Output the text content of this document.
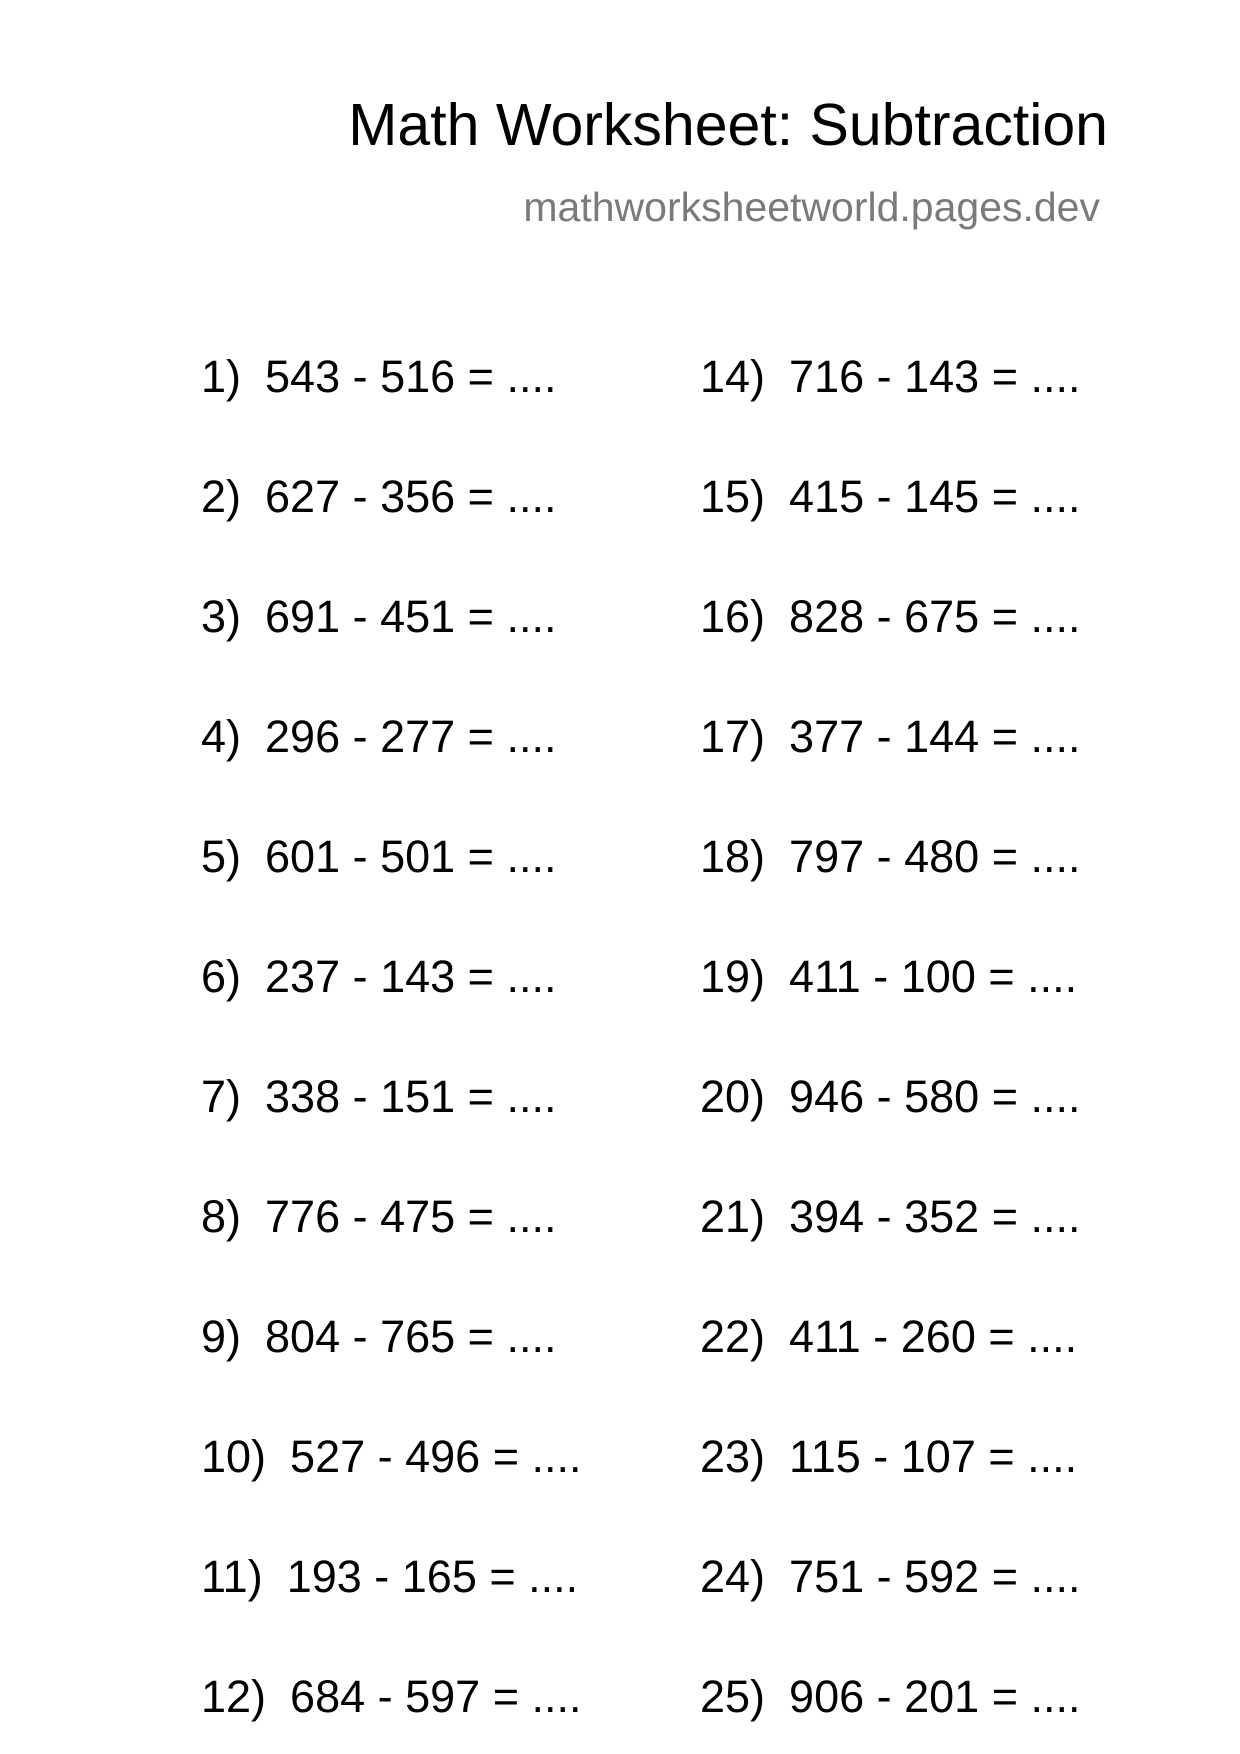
Math Worksheet: Subtraction
mathworksheetworld.pages.dev
1) 543 - 516 = ....
2) 627 - 356 = ....
3) 691 - 451 = ....
4) 296 - 277 = ....
5) 601 - 501 = ....
6) 237 - 143 = ....
7) 338 - 151 = ....
8) 776 - 475 = ....
9) 804 - 765 = ....
10) 527 - 496 = ....
11) 193 - 165 = ....
12) 684 - 597 = ....
14) 716 - 143 = ....
15) 415 - 145 = ....
16) 828 - 675 = ....
17) 377 - 144 = ....
18) 797 - 480 = ....
19) 411 - 100 = ....
20) 946 - 580 = ....
21) 394 - 352 = ....
22) 411 - 260 = ....
23) 115 - 107 = ....
24) 751 - 592 = ....
25) 906 - 201 = ....
